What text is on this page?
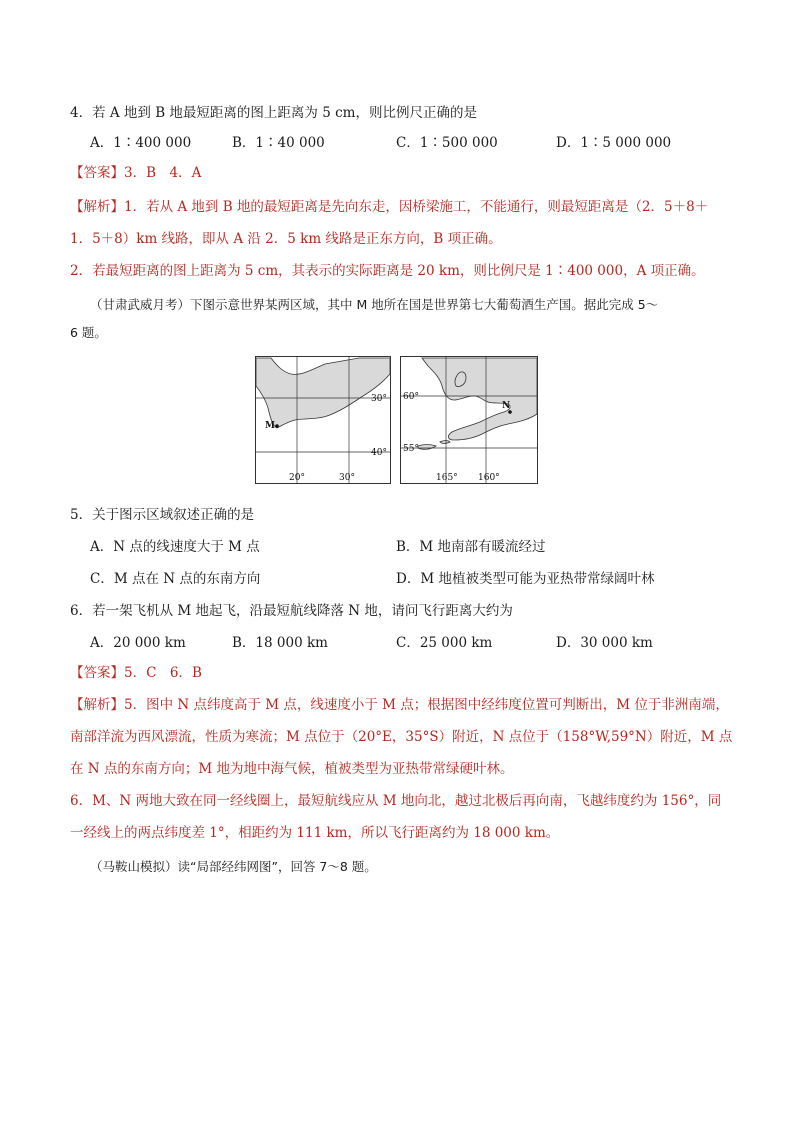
4．若 A 地到 B 地最短距离的图上距离为 5 cm，则比例尺正确的是
A．1∶400 000	B．1∶40 000	C．1∶500 000	D．1∶5 000 000
【答案】3．B　4．A
【解析】1．若从 A 地到 B 地的最短距离是先向东走，因桥梁施工，不能通行，则最短距离是（2．5＋8＋
1．5＋8）km 线路，即从 A 沿 2．5 km 线路是正东方向，B 项正确。
2．若最短距离的图上距离为 5 cm，其表示的实际距离是 20 km，则比例尺是 1∶400 000，A 项正确。
（甘肃武威月考）下图示意世界某两区域，其中 M 地所在国是世界第七大葡萄酒生产国。据此完成 5～
6 题。
M
30°
40°
20°	30°
N
60°
55°
165° 160°
5．关于图示区域叙述正确的是
A．N 点的线速度大于 M 点	B．M 地南部有暖流经过
C．M 点在 N 点的东南方向	D．M 地植被类型可能为亚热带常绿阔叶林
6．若一架飞机从 M 地起飞，沿最短航线降落 N 地，请问飞行距离大约为
A．20 000 km	B．18 000 km	C．25 000 km	D．30 000 km
【答案】5．C　6．B
【解析】5．图中 N 点纬度高于 M 点，线速度小于 M 点；根据图中经纬度位置可判断出，M 位于非洲南端，
南部洋流为西风漂流，性质为寒流；M 点位于（20°E，35°S）附近，N 点位于（158°W,59°N）附近，M 点
在 N 点的东南方向；M 地为地中海气候，植被类型为亚热带常绿硬叶林。
6．M、N 两地大致在同一经线圈上，最短航线应从 M 地向北，越过北极后再向南，飞越纬度约为 156°，同
一经线上的两点纬度差 1°，相距约为 111 km，所以飞行距离约为 18 000 km。
（马鞍山模拟）读“局部经纬网图”，回答 7～8 题。
